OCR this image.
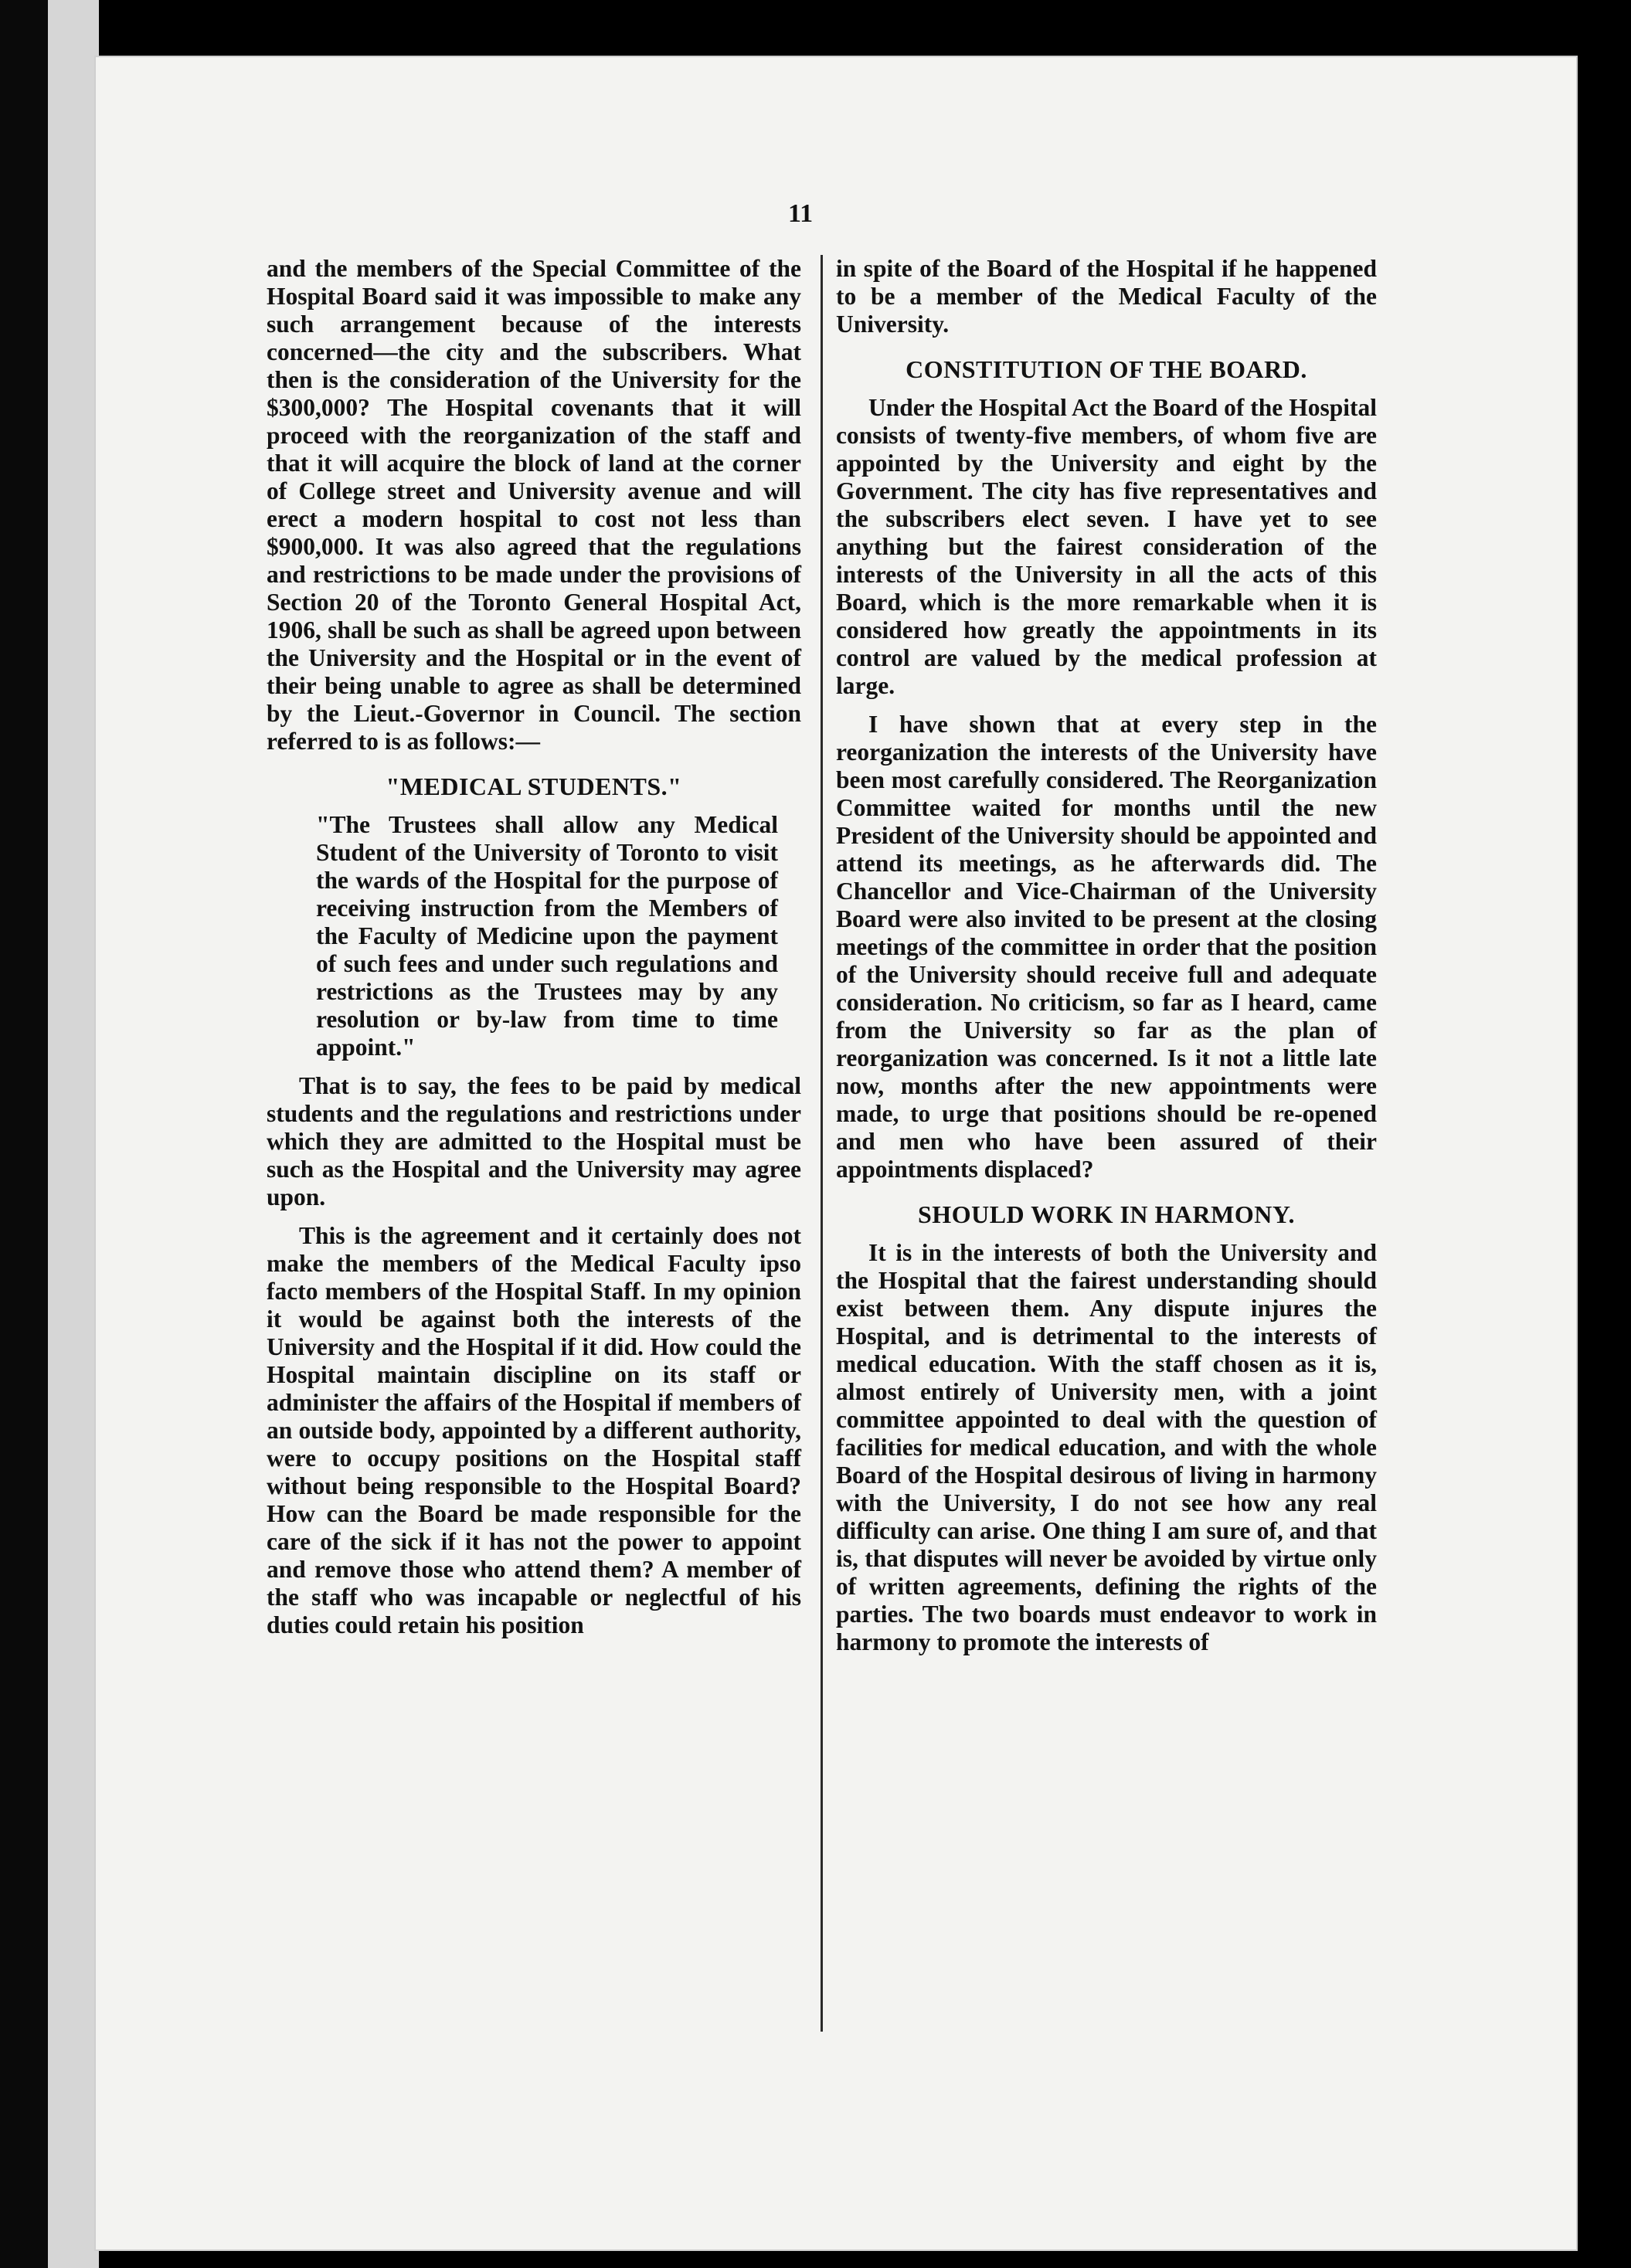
11

and the members of the Special Committee of the Hospital Board said it was impossible to make any such arrangement because of the interests concerned—the city and the subscribers. What then is the consideration of the University for the $300,000? The Hospital covenants that it will proceed with the reorganization of the staff and that it will acquire the block of land at the corner of College street and University avenue and will erect a modern hospital to cost not less than $900,000. It was also agreed that the regulations and restrictions to be made under the provisions of Section 20 of the Toronto General Hospital Act, 1906, shall be such as shall be agreed upon between the University and the Hospital or in the event of their being unable to agree as shall be determined by the Lieut.-Governor in Council. The section referred to is as follows:—

"MEDICAL STUDENTS."

"The Trustees shall allow any Medical Student of the University of Toronto to visit the wards of the Hospital for the purpose of receiving instruction from the Members of the Faculty of Medicine upon the payment of such fees and under such regulations and restrictions as the Trustees may by any resolution or by-law from time to time appoint."

That is to say, the fees to be paid by medical students and the regulations and restrictions under which they are admitted to the Hospital must be such as the Hospital and the University may agree upon.

This is the agreement and it certainly does not make the members of the Medical Faculty ipso facto members of the Hospital Staff. In my opinion it would be against both the interests of the University and the Hospital if it did. How could the Hospital maintain discipline on its staff or administer the affairs of the Hospital if members of an outside body, appointed by a different authority, were to occupy positions on the Hospital staff without being responsible to the Hospital Board? How can the Board be made responsible for the care of the sick if it has not the power to appoint and remove those who attend them? A member of the staff who was incapable or neglectful of his duties could retain his position

in spite of the Board of the Hospital if he happened to be a member of the Medical Faculty of the University.

CONSTITUTION OF THE BOARD.

Under the Hospital Act the Board of the Hospital consists of twenty-five members, of whom five are appointed by the University and eight by the Government. The city has five representatives and the subscribers elect seven. I have yet to see anything but the fairest consideration of the interests of the University in all the acts of this Board, which is the more remarkable when it is considered how greatly the appointments in its control are valued by the medical profession at large.

I have shown that at every step in the reorganization the interests of the University have been most carefully considered. The Reorganization Committee waited for months until the new President of the University should be appointed and attend its meetings, as he afterwards did. The Chancellor and Vice-Chairman of the University Board were also invited to be present at the closing meetings of the committee in order that the position of the University should receive full and adequate consideration. No criticism, so far as I heard, came from the University so far as the plan of reorganization was concerned. Is it not a little late now, months after the new appointments were made, to urge that positions should be re-opened and men who have been assured of their appointments displaced?

SHOULD WORK IN HARMONY.

It is in the interests of both the University and the Hospital that the fairest understanding should exist between them. Any dispute injures the Hospital, and is detrimental to the interests of medical education. With the staff chosen as it is, almost entirely of University men, with a joint committee appointed to deal with the question of facilities for medical education, and with the whole Board of the Hospital desirous of living in harmony with the University, I do not see how any real difficulty can arise. One thing I am sure of, and that is, that disputes will never be avoided by virtue only of written agreements, defining the rights of the parties. The two boards must endeavor to work in harmony to promote the interests of
